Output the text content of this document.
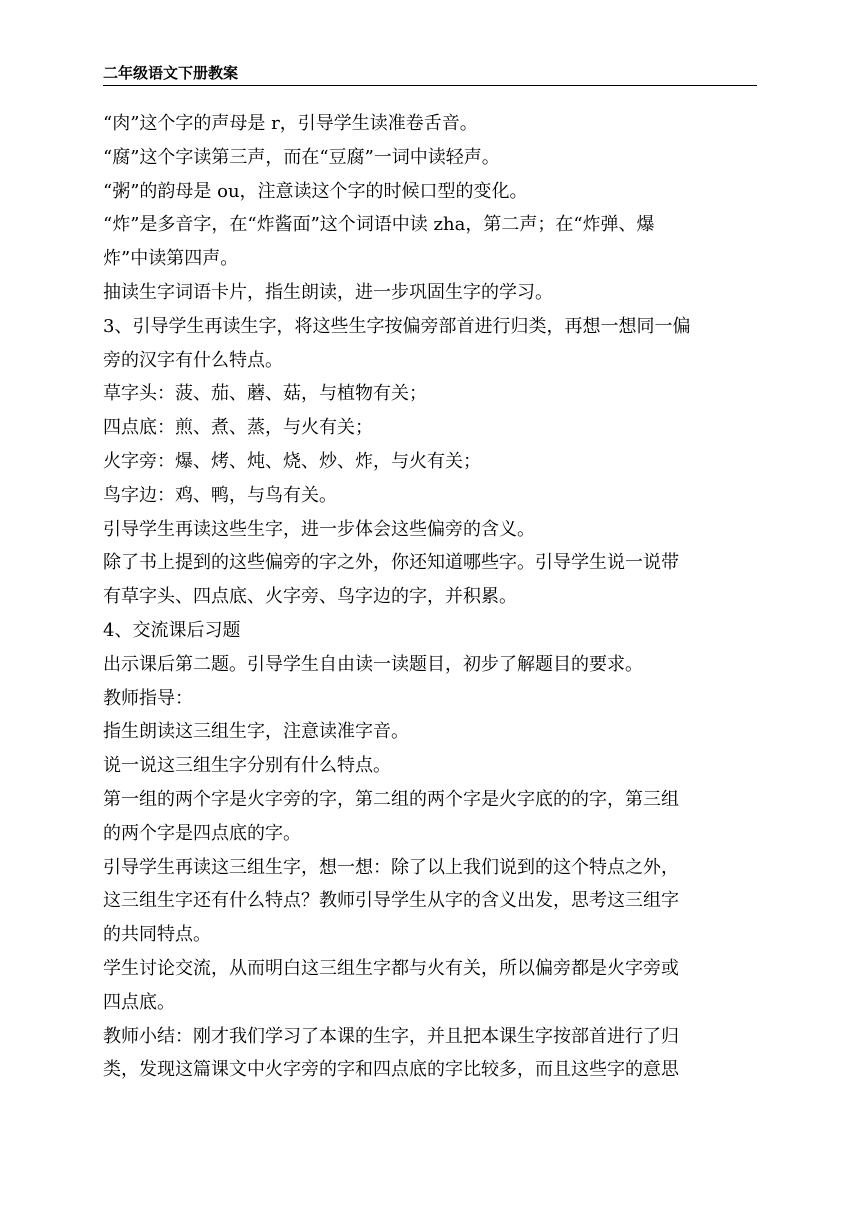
二年级语文下册教案
“肉”这个字的声母是 r，引导学生读准卷舌音。
“腐”这个字读第三声，而在“豆腐”一词中读轻声。
“粥”的韵母是 ou，注意读这个字的时候口型的变化。
“炸”是多音字，在“炸酱面”这个词语中读 zha，第二声；在“炸弹、爆
炸”中读第四声。
抽读生字词语卡片，指生朗读，进一步巩固生字的学习。
3、引导学生再读生字，将这些生字按偏旁部首进行归类，再想一想同一偏
旁的汉字有什么特点。
草字头：菠、茄、蘑、菇，与植物有关；
四点底：煎、煮、蒸，与火有关；
火字旁：爆、烤、炖、烧、炒、炸，与火有关；
鸟字边：鸡、鸭，与鸟有关。
引导学生再读这些生字，进一步体会这些偏旁的含义。
除了书上提到的这些偏旁的字之外，你还知道哪些字。引导学生说一说带
有草字头、四点底、火字旁、鸟字边的字，并积累。
4、交流课后习题
出示课后第二题。引导学生自由读一读题目，初步了解题目的要求。
教师指导：
指生朗读这三组生字，注意读准字音。
说一说这三组生字分别有什么特点。
第一组的两个字是火字旁的字，第二组的两个字是火字底的的字，第三组
的两个字是四点底的字。
引导学生再读这三组生字，想一想：除了以上我们说到的这个特点之外，
这三组生字还有什么特点？教师引导学生从字的含义出发，思考这三组字
的共同特点。
学生讨论交流，从而明白这三组生字都与火有关，所以偏旁都是火字旁或
四点底。
教师小结：刚才我们学习了本课的生字，并且把本课生字按部首进行了归
类，发现这篇课文中火字旁的字和四点底的字比较多，而且这些字的意思
